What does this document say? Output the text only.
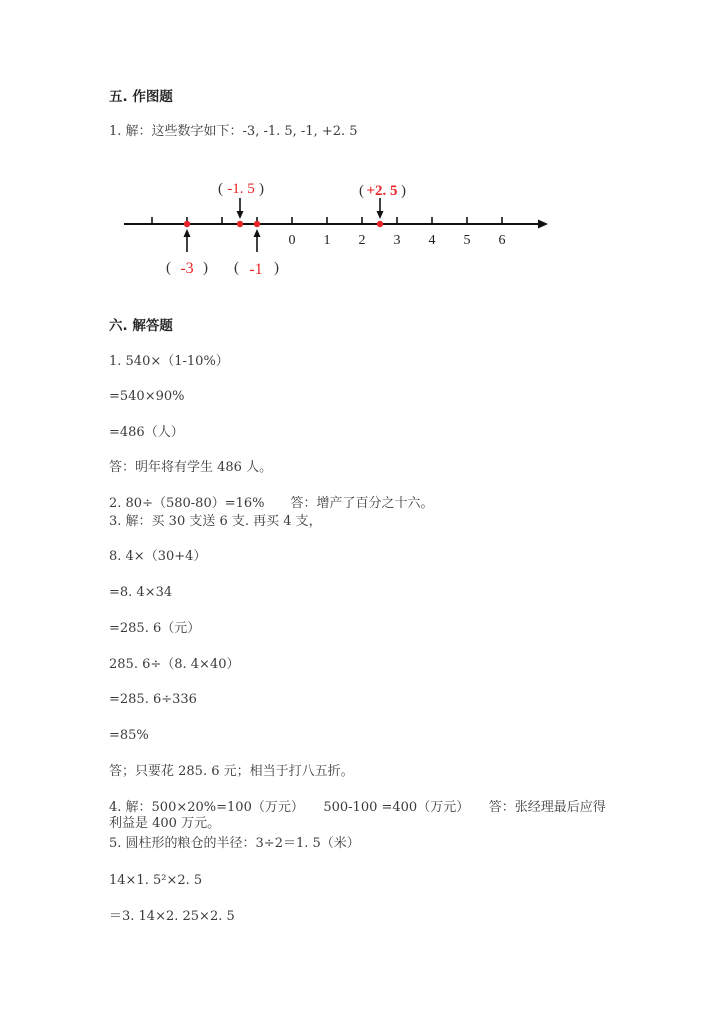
五. 作图题
1. 解：这些数字如下：-3, -1. 5, -1, +2. 5
0 1 2 3 4 5 6
( -3 )
( -1. 5 )
( -1 )
( +2. 5 )
六. 解答题
1. 540×（1-10%）
=540×90%
=486（人）
答：明年将有学生 486 人。
2. 80÷（580-80）=16%　　答：增产了百分之十六。
3. 解：买 30 支送 6 支. 再买 4 支，
8. 4×（30+4）
=8. 4×34
=285. 6（元）
285. 6÷（8. 4×40）
=285. 6÷336
=85%
答；只要花 285. 6 元；相当于打八五折。
4. 解：500×20%=100（万元）　　500-100 =400（万元）　　答：张经理最后应得利益是 400 万元。
5. 圆柱形的粮仓的半径：3÷2＝1. 5（米）
14×1. 5²×2. 5
＝3. 14×2. 25×2. 5
